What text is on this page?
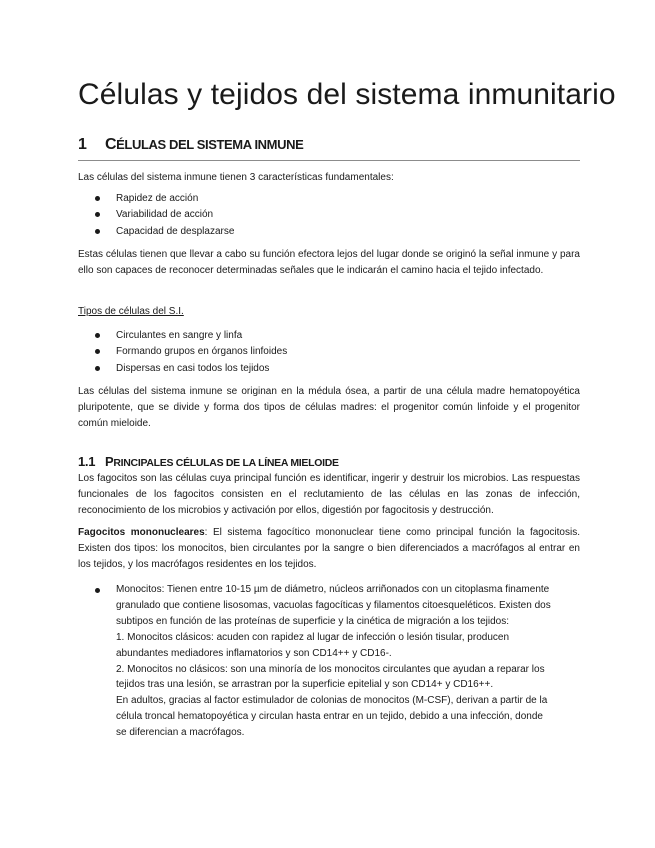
Células y tejidos del sistema inmunitario
1 CÉLULAS DEL SISTEMA INMUNE

Las células del sistema inmune tienen 3 características fundamentales:

Rapidez de acción
Variabilidad de acción
Capacidad de desplazarse

Estas células tienen que llevar a cabo su función efectora lejos del lugar donde se originó la señal inmune y para ello son capaces de reconocer determinadas señales que le indicarán el camino hacia el tejido infectado.

Tipos de células del S.I.
Circulantes en sangre y linfa
Formando grupos en órganos linfoides
Dispersas en casi todos los tejidos

Las células del sistema inmune se originan en la médula ósea, a partir de una célula madre hematopoyética pluripotente, que se divide y forma dos tipos de células madres: el progenitor común linfoide y el progenitor común mieloide.

1.1 PRINCIPALES CÉLULAS DE LA LÍNEA MIELOIDE

Los fagocitos son las células cuya principal función es identificar, ingerir y destruir los microbios. Las respuestas funcionales de los fagocitos consisten en el reclutamiento de las células en las zonas de infección, reconocimiento de los microbios y activación por ellos, digestión por fagocitosis y destrucción.

Fagocitos mononucleares: El sistema fagocítico mononuclear tiene como principal función la fagocitosis. Existen dos tipos: los monocitos, bien circulantes por la sangre o bien diferenciados a macrófagos al entrar en los tejidos, y los macrófagos residentes en los tejidos.

Monocitos: Tienen entre 10-15 µm de diámetro, núcleos arriñonados con un citoplasma finamente granulado que contiene lisosomas, vacuolas fagocíticas y filamentos citoesqueléticos. Existen dos subtipos en función de las proteínas de superficie y la cinética de migración a los tejidos:
1. Monocitos clásicos: acuden con rapidez al lugar de infección o lesión tisular, producen abundantes mediadores inflamatorios y son CD14++ y CD16-.
2. Monocitos no clásicos: son una minoría de los monocitos circulantes que ayudan a reparar los tejidos tras una lesión, se arrastran por la superficie epitelial y son CD14+ y CD16++.
En adultos, gracias al factor estimulador de colonias de monocitos (M-CSF), derivan a partir de la célula troncal hematopoyética y circulan hasta entrar en un tejido, debido a una infección, donde se diferencian a macrófagos.
